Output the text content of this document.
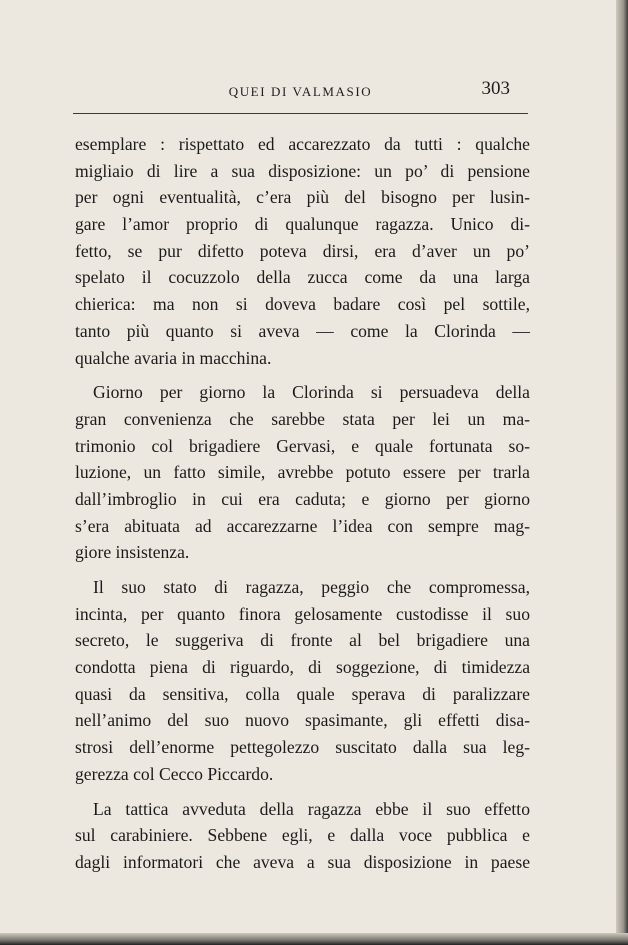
QUEI DI VALMASIO	303
esemplare : rispettato ed accarezzato da tutti : qualche
migliaio di lire a sua disposizione: un po’ di pensione
per ogni eventualità, c’era più del bisogno per lusin-
gare l’amor proprio di qualunque ragazza. Unico di-
fetto, se pur difetto poteva dirsi, era d’aver un po’
spelato il cocuzzolo della zucca come da una larga
chierica: ma non si doveva badare così pel sottile,
tanto più quanto si aveva — come la Clorinda —
qualche avaria in macchina.
Giorno per giorno la Clorinda si persuadeva della
gran convenienza che sarebbe stata per lei un ma-
trimonio col brigadiere Gervasi, e quale fortunata so-
luzione, un fatto simile, avrebbe potuto essere per trarla
dall’imbroglio in cui era caduta; e giorno per giorno
s’era abituata ad accarezzarne l’idea con sempre mag-
giore insistenza.
Il suo stato di ragazza, peggio che compromessa,
incinta, per quanto finora gelosamente custodisse il suo
secreto, le suggeriva di fronte al bel brigadiere una
condotta piena di riguardo, di soggezione, di timidezza
quasi da sensitiva, colla quale sperava di paralizzare
nell’animo del suo nuovo spasimante, gli effetti disa-
strosi dell’enorme pettegolezzo suscitato dalla sua leg-
gerezza col Cecco Piccardo.
La tattica avveduta della ragazza ebbe il suo effetto
sul carabiniere. Sebbene egli, e dalla voce pubblica e
dagli informatori che aveva a sua disposizione in paese
